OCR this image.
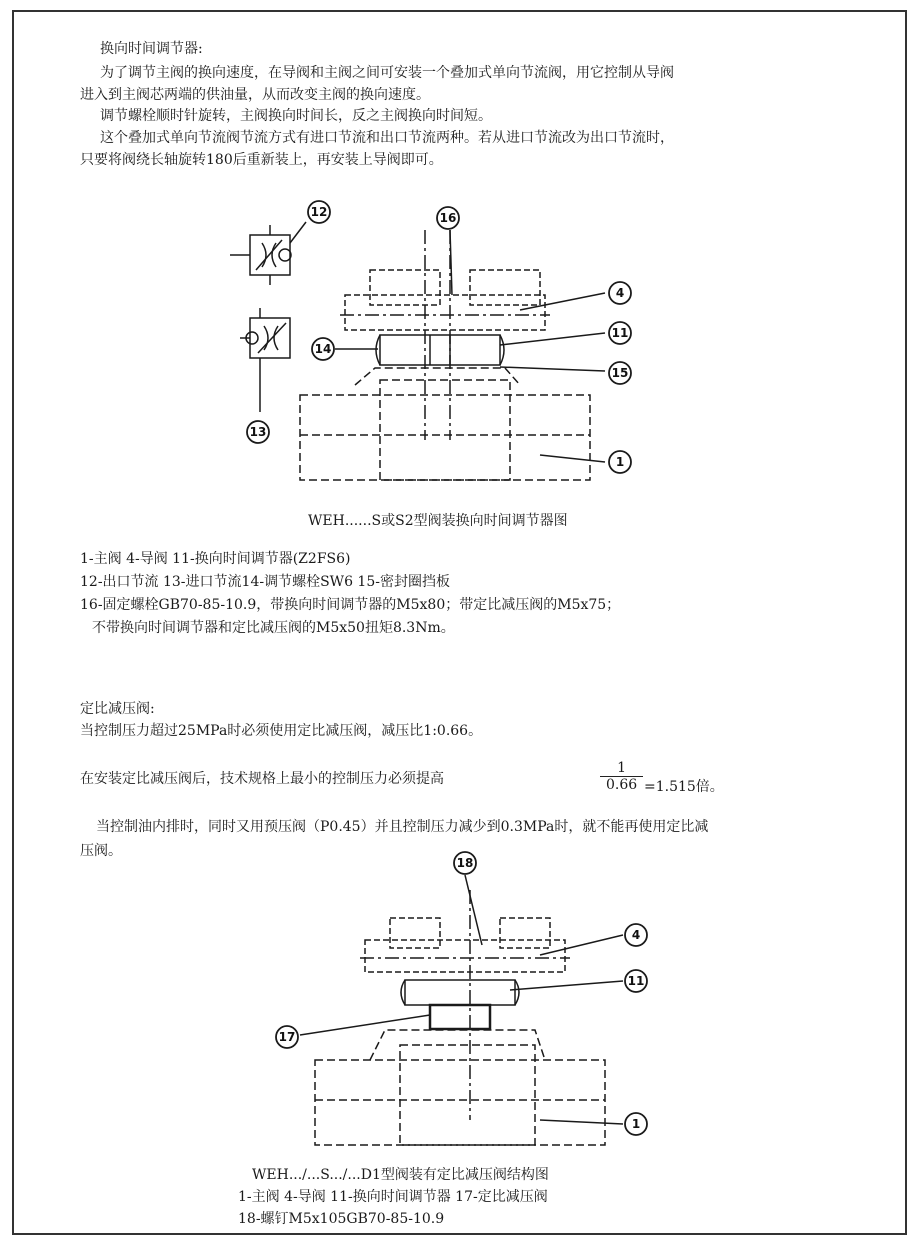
换向时间调节器:
为了调节主阀的换向速度，在导阀和主阀之间可安装一个叠加式单向节流阀，用它控制从导阀
进入到主阀芯两端的供油量，从而改变主阀的换向速度。
调节螺栓顺时针旋转，主阀换向时间长，反之主阀换向时间短。
这个叠加式单向节流阀节流方式有进口节流和出口节流两种。若从进口节流改为出口节流时，
只要将阀绕长轴旋转180后重新装上，再安装上导阀即可。
12
13
16
4
11
14
15
1
WEH......S或S2型阀装换向时间调节器图
1-主阀 4-导阀 11-换向时间调节器(Z2FS6)
12-出口节流 13-进口节流14-调节螺栓SW6 15-密封圈挡板
16-固定螺栓GB70-85-10.9，带换向时间调节器的M5x80；带定比减压阀的M5x75；
不带换向时间调节器和定比减压阀的M5x50扭矩8.3Nm。
定比减压阀:
当控制压力超过25MPa时必须使用定比减压阀，减压比1:0.66。
在安装定比减压阀后，技术规格上最小的控制压力必须提高	$\frac{1}{0.66} =1.515$倍。
当控制油内排时，同时又用预压阀（P0.45）并且控制压力减少到0.3MPa时，就不能再使用定比减
压阀。
18
4
11
17
1
WEH.../...S.../...D1型阀装有定比减压阀结构图
1-主阀 4-导阀 11-换向时间调节器 17-定比减压阀
18-螺钉M5x105GB70-85-10.9
